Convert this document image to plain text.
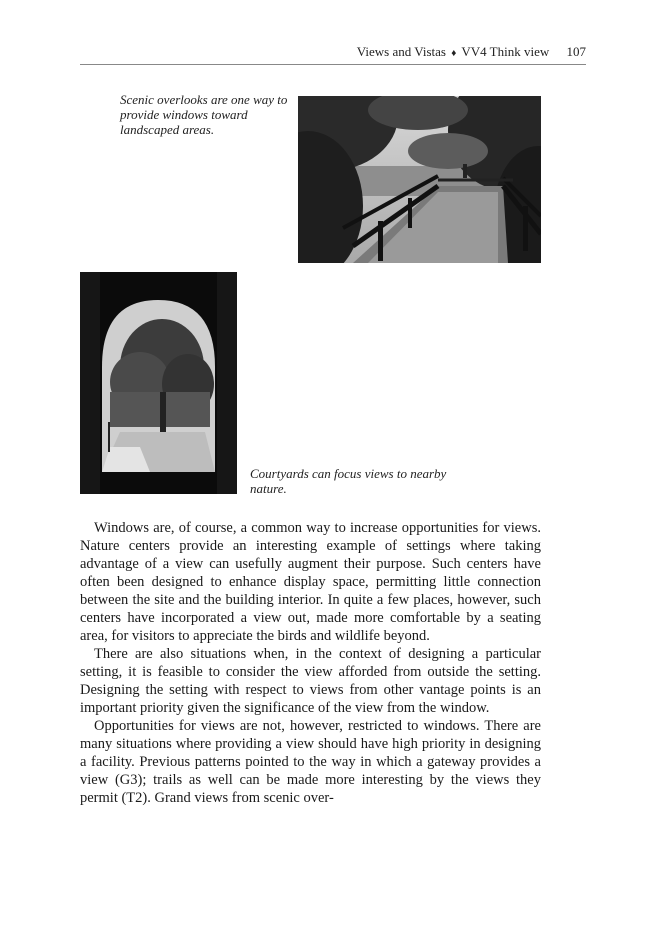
Views and Vistas ♦ VV4 Think view 107
Scenic overlooks are one way to provide windows toward landscaped areas.
Courtyards can focus views to nearby nature.

Windows are, of course, a common way to increase opportunities for views. Nature centers provide an interesting example of settings where taking advantage of a view can usefully augment their purpose. Such centers have often been designed to enhance display space, permitting little connection between the site and the building interior. In quite a few places, however, such centers have incorporated a view out, made more comfortable by a seating area, for visitors to appreciate the birds and wildlife beyond.

There are also situations when, in the context of designing a particular setting, it is feasible to consider the view afforded from outside the setting. Designing the setting with respect to views from other vantage points is an important priority given the significance of the view from the window.

Opportunities for views are not, however, restricted to windows. There are many situations where providing a view should have high priority in designing a facility. Previous patterns pointed to the way in which a gateway provides a view (G3); trails as well can be made more interesting by the views they permit (T2). Grand views from scenic over-
